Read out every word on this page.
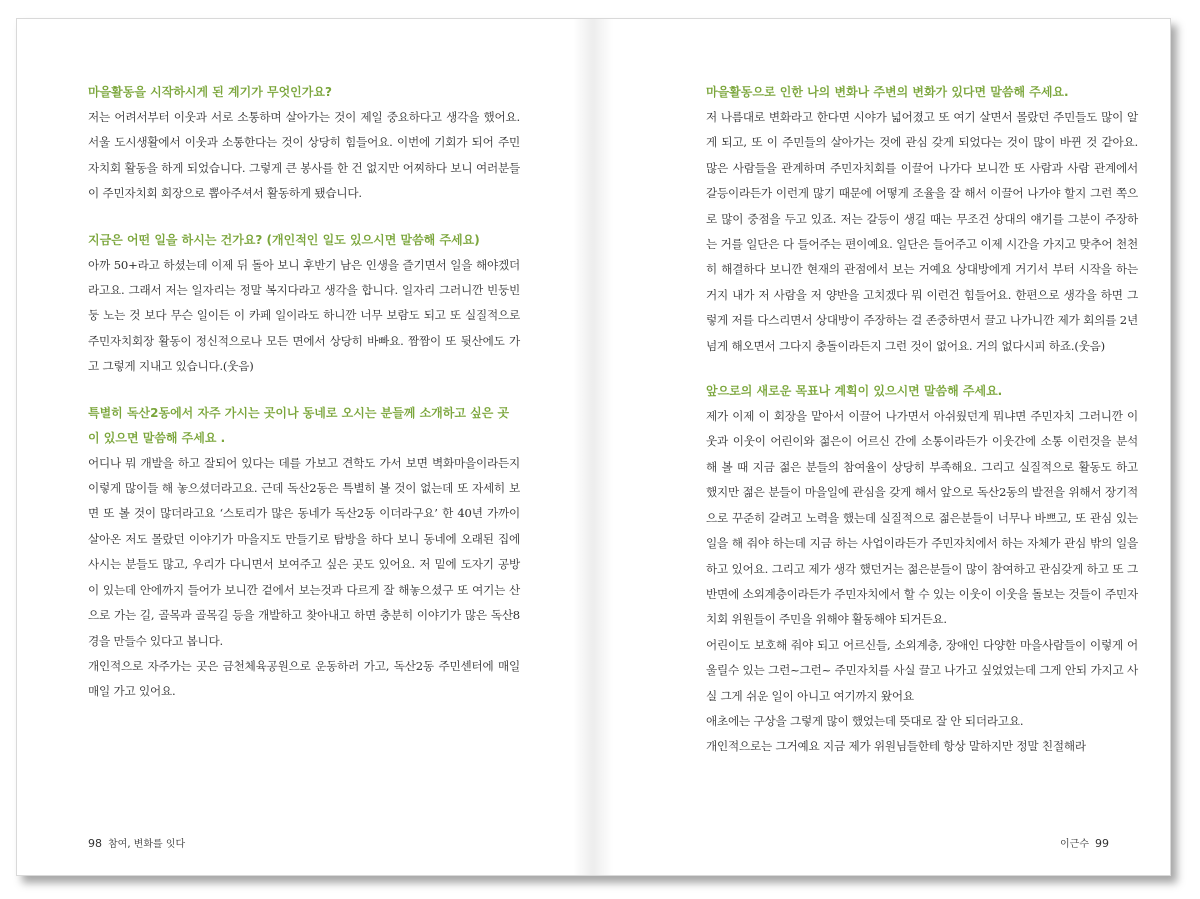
마을활동을 시작하시게 된 계기가 무엇인가요?

저는 어려서부터 이웃과 서로 소통하며 살아가는 것이 제일 중요하다고 생각을 했어요. 서울 도시생활에서 이웃과 소통한다는 것이 상당히 힘들어요. 이번에 기회가 되어 주민자치회 활동을 하게 되었습니다. 그렇게 큰 봉사를 한 건 없지만 어찌하다 보니 여러분들이 주민자치회 회장으로 뽑아주셔서 활동하게 됐습니다.

지금은 어떤 일을 하시는 건가요? (개인적인 일도 있으시면 말씀해 주세요)

아까 50+라고 하셨는데 이제 뒤 돌아 보니 후반기 남은 인생을 즐기면서 일을 해야겠더라고요. 그래서 저는 일자리는 정말 복지다라고 생각을 합니다. 일자리 그러니깐 빈둥빈둥 노는 것 보다 무슨 일이든 이 카페 일이라도 하니깐 너무 보람도 되고 또 실질적으로 주민자치회장 활동이 정신적으로나 모든 면에서 상당히 바빠요. 짬짬이 또 뒷산에도 가고 그렇게 지내고 있습니다.(웃음)

특별히 독산2동에서 자주 가시는 곳이나 동네로 오시는 분들께 소개하고 싶은 곳이 있으면 말씀해 주세요 .

어디나 뭐 개발을 하고 잘되어 있다는 데를 가보고 견학도 가서 보면 벽화마을이라든지 이렇게 많이들 해 놓으셨더라고요. 근데 독산2동은 특별히 볼 것이 없는데 또 자세히 보면 또 볼 것이 많더라고요 ‘스토리가 많은 동네가 독산2동 이더라구요’ 한 40년 가까이 살아온 저도 몰랐던 이야기가 마을지도 만들기로 탐방을 하다 보니 동네에 오래된 집에 사시는 분들도 많고, 우리가 다니면서 보여주고 싶은 곳도 있어요. 저 밑에 도자기 공방이 있는데 안에까지 들어가 보니깐 겉에서 보는것과 다르게 잘 해놓으셨구 또 여기는 산으로 가는 길, 골목과 골목길 등을 개발하고 찾아내고 하면 충분히 이야기가 많은 독산8경을 만들수 있다고 봅니다.

개인적으로 자주가는 곳은 금천체육공원으로 운동하러 가고, 독산2동 주민센터에 매일 매일 가고 있어요.

98 참여, 변화를 잇다

마을활동으로 인한 나의 변화나 주변의 변화가 있다면 말씀해 주세요.

저 나름대로 변화라고 한다면 시야가 넓어졌고 또 여기 살면서 몰랐던 주민들도 많이 알게 되고, 또 이 주민들의 살아가는 것에 관심 갖게 되었다는 것이 많이 바뀐 것 같아요. 많은 사람들을 관계하며 주민자치회를 이끌어 나가다 보니깐 또 사람과 사람 관계에서 갈등이라든가 이런게 많기 때문에 어떻게 조율을 잘 해서 이끌어 나가야 할지 그런 쪽으로 많이 중점을 두고 있죠. 저는 갈등이 생길 때는 무조건 상대의 얘기를 그분이 주장하는 거를 일단은 다 들어주는 편이예요. 일단은 들어주고 이제 시간을 가지고 맞추어 천천히 해결하다 보니깐 현재의 관점에서 보는 거예요 상대방에게 거기서 부터 시작을 하는거지 내가 저 사람을 저 양반을 고치겠다 뭐 이런건 힘들어요. 한편으로 생각을 하면 그렇게 저를 다스리면서 상대방이 주장하는 걸 존중하면서 끌고 나가니깐 제가 회의를 2년 넘게 해오면서 그다지 충돌이라든지 그런 것이 없어요. 거의 없다시피 하죠.(웃음)

앞으로의 새로운 목표나 계획이 있으시면 말씀해 주세요.

제가 이제 이 회장을 맡아서 이끌어 나가면서 아쉬웠던게 뭐냐면 주민자치 그러니깐 이웃과 이웃이 어린이와 젊은이 어르신 간에 소통이라든가 이웃간에 소통 이런것을 분석 해 볼 때 지금 젊은 분들의 참여율이 상당히 부족해요. 그리고 실질적으로 활동도 하고 했지만 젊은 분들이 마을일에 관심을 갖게 해서 앞으로 독산2동의 발전을 위해서 장기적으로 꾸준히 갈려고 노력을 했는데 실질적으로 젊은분들이 너무나 바쁘고, 또 관심 있는 일을 해 줘야 하는데 지금 하는 사업이라든가 주민자치에서 하는 자체가 관심 밖의 일을 하고 있어요. 그리고 제가 생각 했던거는 젊은분들이 많이 참여하고 관심갖게 하고 또 그 반면에 소외계층이라든가 주민자치에서 할 수 있는 이웃이 이웃을 돌보는 것들이 주민자치회 위원들이 주민을 위해야 활동해야 되거든요.

어린이도 보호해 줘야 되고 어르신들, 소외계층, 장애인 다양한 마을사람들이 이렇게 어울릴수 있는 그런~그런~ 주민자치를 사실 끌고 나가고 싶었었는데 그게 안되 가지고 사실 그게 쉬운 일이 아니고 여기까지 왔어요

애초에는 구상을 그렇게 많이 했었는데 뜻대로 잘 안 되더라고요.

개인적으로는 그거예요 지금 제가 위원님들한테 항상 말하지만 정말 친절해라

이근수 99
